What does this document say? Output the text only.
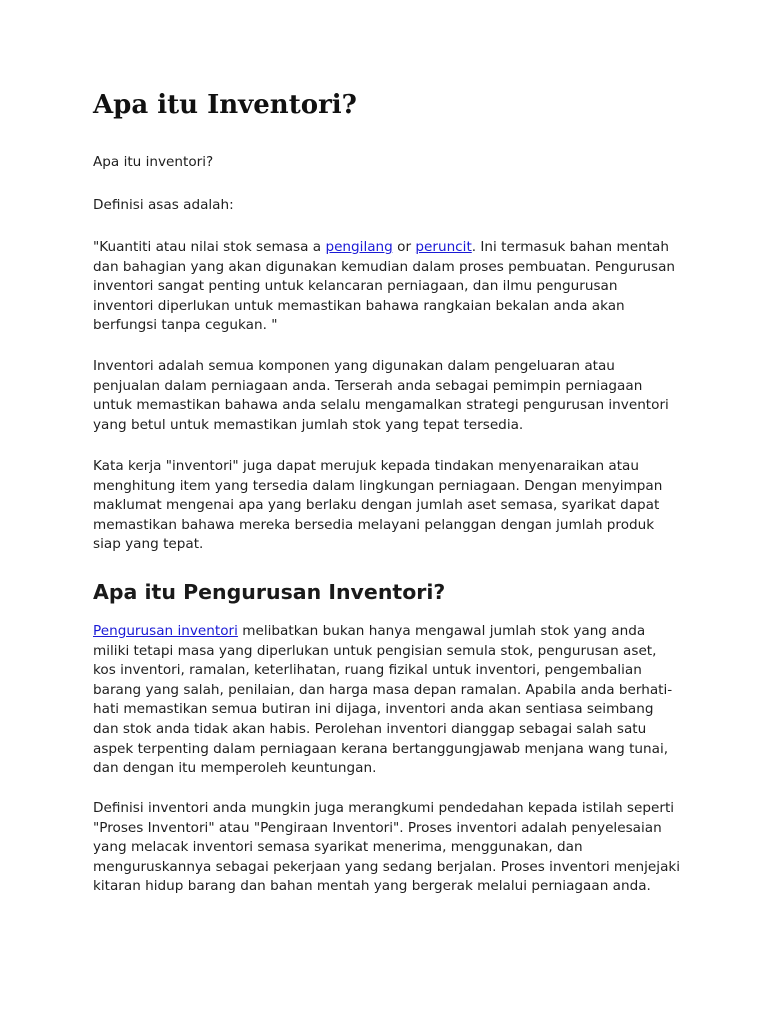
Apa itu Inventori?

Apa itu inventori?

Definisi asas adalah:

"Kuantiti atau nilai stok semasa a pengilang or peruncit. Ini termasuk bahan mentah
dan bahagian yang akan digunakan kemudian dalam proses pembuatan. Pengurusan
inventori sangat penting untuk kelancaran perniagaan, dan ilmu pengurusan
inventori diperlukan untuk memastikan bahawa rangkaian bekalan anda akan
berfungsi tanpa cegukan. "

Inventori adalah semua komponen yang digunakan dalam pengeluaran atau
penjualan dalam perniagaan anda. Terserah anda sebagai pemimpin perniagaan
untuk memastikan bahawa anda selalu mengamalkan strategi pengurusan inventori
yang betul untuk memastikan jumlah stok yang tepat tersedia.

Kata kerja "inventori" juga dapat merujuk kepada tindakan menyenaraikan atau
menghitung item yang tersedia dalam lingkungan perniagaan. Dengan menyimpan
maklumat mengenai apa yang berlaku dengan jumlah aset semasa, syarikat dapat
memastikan bahawa mereka bersedia melayani pelanggan dengan jumlah produk
siap yang tepat.

Apa itu Pengurusan Inventori?

Pengurusan inventori melibatkan bukan hanya mengawal jumlah stok yang anda
miliki tetapi masa yang diperlukan untuk pengisian semula stok, pengurusan aset,
kos inventori, ramalan, keterlihatan, ruang fizikal untuk inventori, pengembalian
barang yang salah, penilaian, dan harga masa depan ramalan. Apabila anda berhati-
hati memastikan semua butiran ini dijaga, inventori anda akan sentiasa seimbang
dan stok anda tidak akan habis. Perolehan inventori dianggap sebagai salah satu
aspek terpenting dalam perniagaan kerana bertanggungjawab menjana wang tunai,
dan dengan itu memperoleh keuntungan.

Definisi inventori anda mungkin juga merangkumi pendedahan kepada istilah seperti
"Proses Inventori" atau "Pengiraan Inventori". Proses inventori adalah penyelesaian
yang melacak inventori semasa syarikat menerima, menggunakan, dan
menguruskannya sebagai pekerjaan yang sedang berjalan. Proses inventori menjejaki
kitaran hidup barang dan bahan mentah yang bergerak melalui perniagaan anda.
